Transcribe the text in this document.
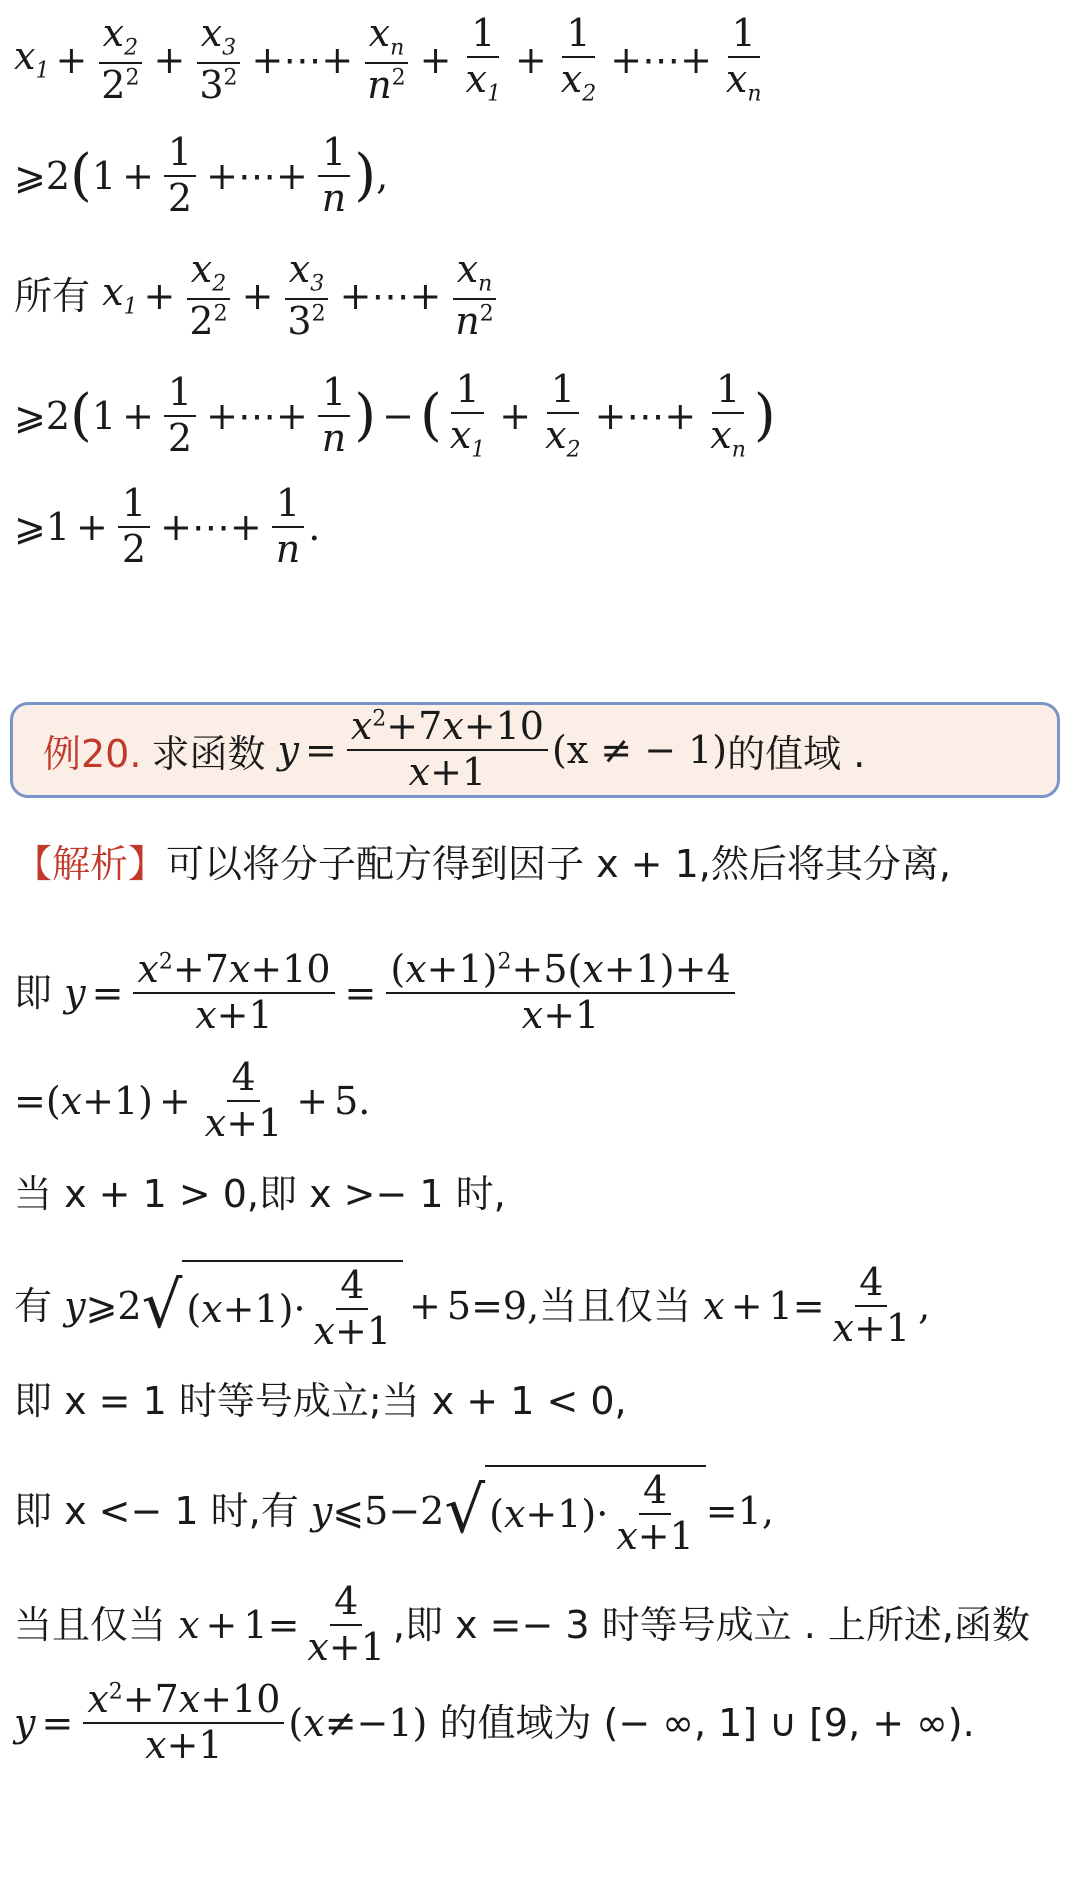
$x_1 + \frac{x_2}{2^2} + \frac{x_3}{3^2}$ +⋯+ $\frac{x_n}{n^2} + \frac{1}{x_1} + \frac{1}{x_2}$ +⋯+ $\frac{1}{x_n}$
⩾2 ( $1 + \frac{1}{2}$ +⋯+ $\frac{1}{n}$ ) ,
所有
$x_1 + \frac{x_2}{2^2} + \frac{x_3}{3^2}$ +⋯+ $\frac{x_n}{n^2}$
⩾2 ( $1 + \frac{1}{2}$ +⋯+ $\frac{1}{n}$ ) − ( $\frac{1}{x_1} + \frac{1}{x_2}$ +⋯+ $\frac{1}{x_n}$ )
⩾1 + $\frac{1}{2}$ +⋯+ $\frac{1}{n}$ .
例20. 求函数 $y = \frac{x^2+7x+10}{x+1} (x$ ≠ − 1) 的值域 .
【解析】 可以将分子配方得到因子 x + 1,然后将其分离,
即
$y = \frac{x^2+7x+10}{x+1} = \frac{(x+1)^2+5(x+1)+4}{x+1}$
$=(x+1) + \frac{4}{x+1} + 5$ .
当 x + 1 > 0,即 x >− 1 时,
有
y ⩾2 √ ( $x +1)\cdot \frac{4}{x+1} + 5=9$, 当且仅当
$x + 1= \frac{4}{x+1}$ ,
即 x = 1 时等号成立;当 x + 1 < 0,
即 x <− 1 时,有
y ⩽5−2 √ ( $x +1)\cdot \frac{4}{x+1} =1$,
当且仅当
$x + 1= \frac{4}{x+1}$ ,即 x =− 3 时等号成立 . 上所述,函数
$y = \frac{x^2+7x+10}{x+1} (x\ne-1)$
的值域为 (− ∞, 1] ∪ [9, + ∞).
